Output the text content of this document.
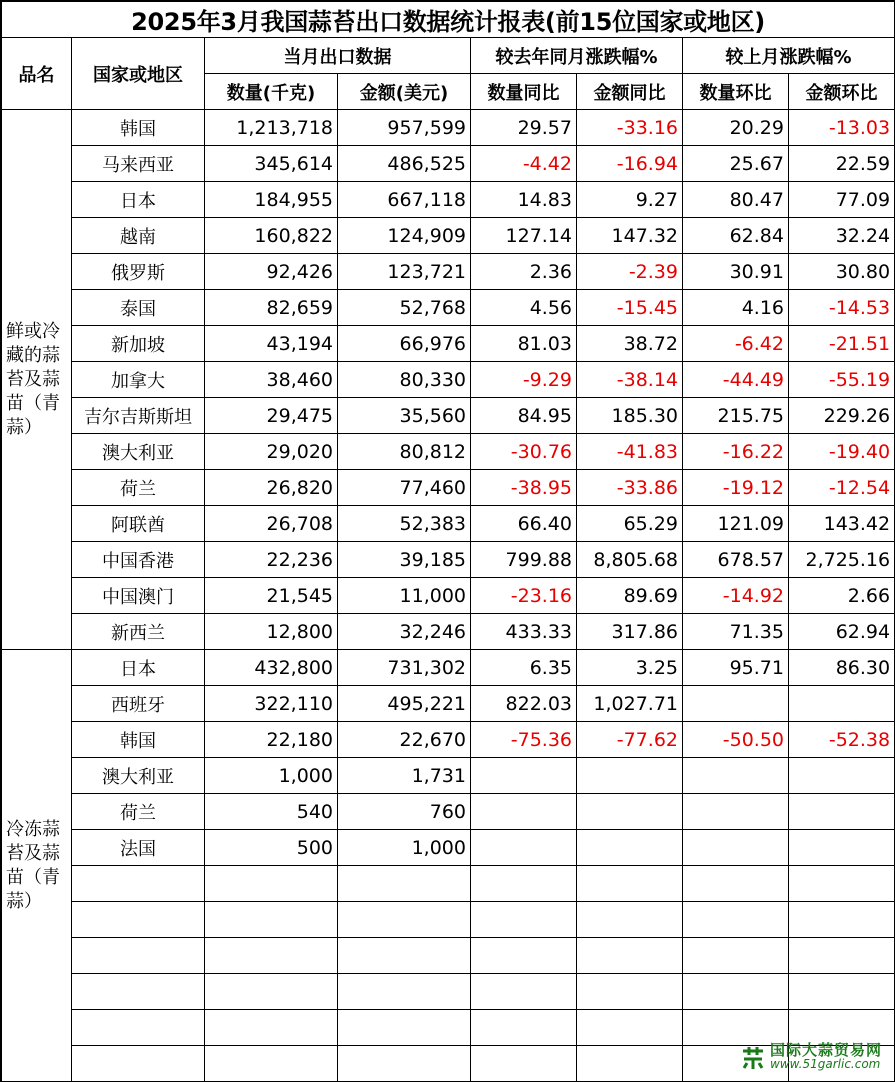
2025年3月我国蒜苔出口数据统计报表(前15位国家或地区)							
品名	国家或地区	当月出口数据		较去年同月涨跌幅%		较上月涨跌幅%	
		数量(千克)	金额(美元)	数量同比	金额同比	数量环比	金额环比
鲜或冷藏的蒜苔及蒜苗（青蒜）	韩国	1,213,718	957,599	29.57	-33.16	20.29	-13.03
	马来西亚	345,614	486,525	-4.42	-16.94	25.67	22.59
	日本	184,955	667,118	14.83	9.27	80.47	77.09
	越南	160,822	124,909	127.14	147.32	62.84	32.24
	俄罗斯	92,426	123,721	2.36	-2.39	30.91	30.80
	泰国	82,659	52,768	4.56	-15.45	4.16	-14.53
	新加坡	43,194	66,976	81.03	38.72	-6.42	-21.51
	加拿大	38,460	80,330	-9.29	-38.14	-44.49	-55.19
	吉尔吉斯斯坦	29,475	35,560	84.95	185.30	215.75	229.26
	澳大利亚	29,020	80,812	-30.76	-41.83	-16.22	-19.40
	荷兰	26,820	77,460	-38.95	-33.86	-19.12	-12.54
	阿联酋	26,708	52,383	66.40	65.29	121.09	143.42
	中国香港	22,236	39,185	799.88	8,805.68	678.57	2,725.16
	中国澳门	21,545	11,000	-23.16	89.69	-14.92	2.66
	新西兰	12,800	32,246	433.33	317.86	71.35	62.94
冷冻蒜苔及蒜苗（青蒜）	日本	432,800	731,302	6.35	3.25	95.71	86.30
	西班牙	322,110	495,221	822.03	1,027.71		
	韩国	22,180	22,670	-75.36	-77.62	-50.50	-52.38
	澳大利亚	1,000	1,731				
	荷兰	540	760				
	法国	500	1,000				

国际大蒜贸易网
www.51garlic.com
